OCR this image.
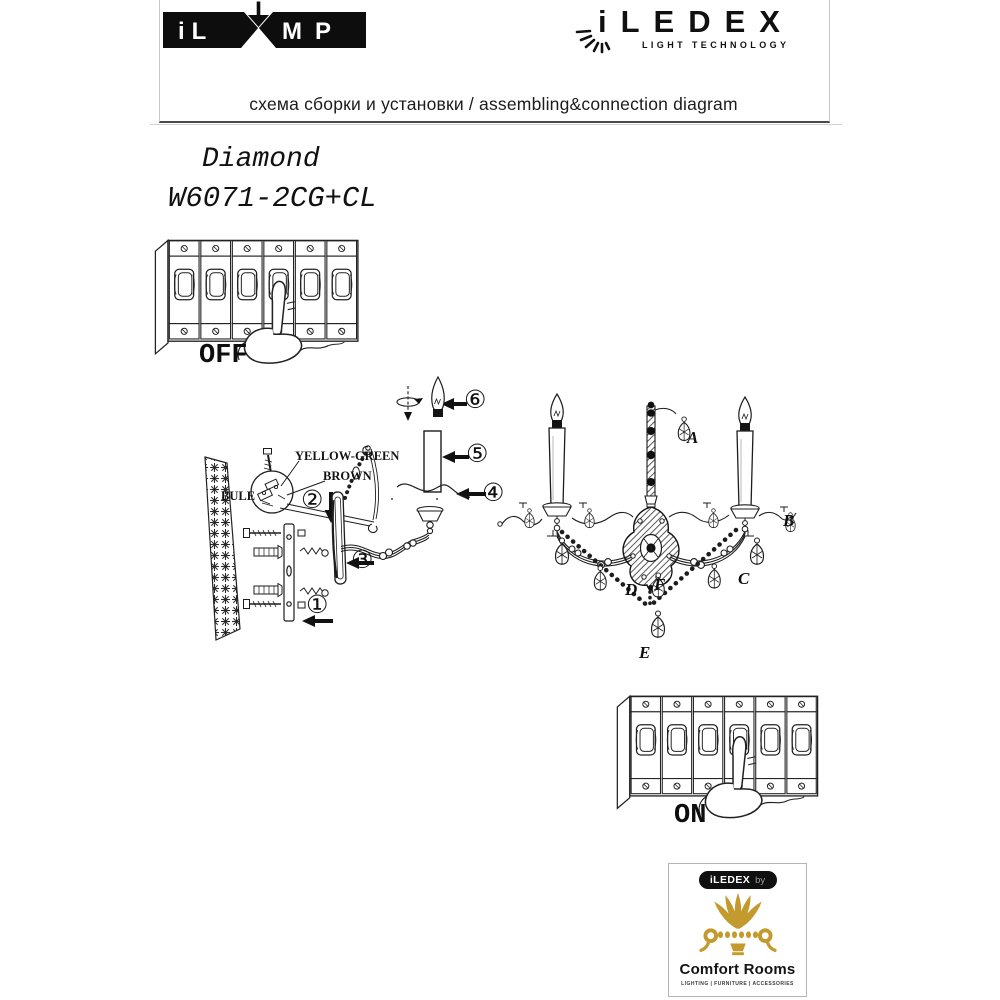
iL	MP	iLEDEX
LIGHT TECHNOLOGY
схема сборки и установки / assembling&connection diagram
Diamond
W6071-2CG+CL
OFF
ON
BULE
YELLOW-GREEN
BROWN
①
②
③
④
⑤
⑥
A
B
C
D
E
F
iLEDEX by
Comfort Rooms
LIGHTING | FURNITURE | ACCESSORIES
